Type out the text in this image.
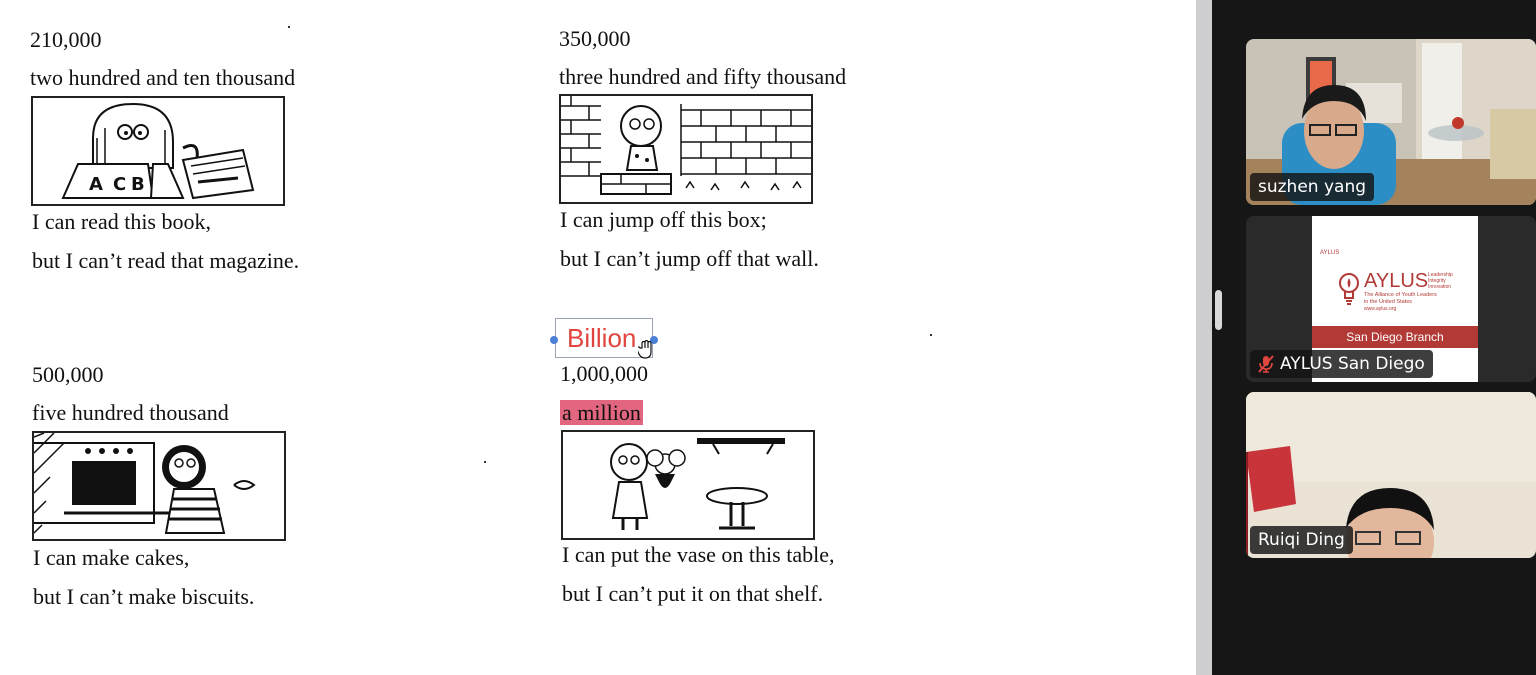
210,000

two hundred and ten thousand

A C B

I can read this book,

but I can’t read that magazine.

350,000

three hundred and fifty thousand

I can jump off this box;

but I can’t jump off that wall.

500,000

five hundred thousand

I can make cakes,

but I can’t make biscuits.

1,000,000

a million

I can put the vase on this table,

but I can’t put it on that shelf.

Billion
suzhen yang
AYLUS
AYLUS Leadership
Integrity
Innovation
The Alliance of Youth Leaders
in the United States
www.aylus.org
San Diego Branch
AYLUS San Diego
Ruiqi Ding
